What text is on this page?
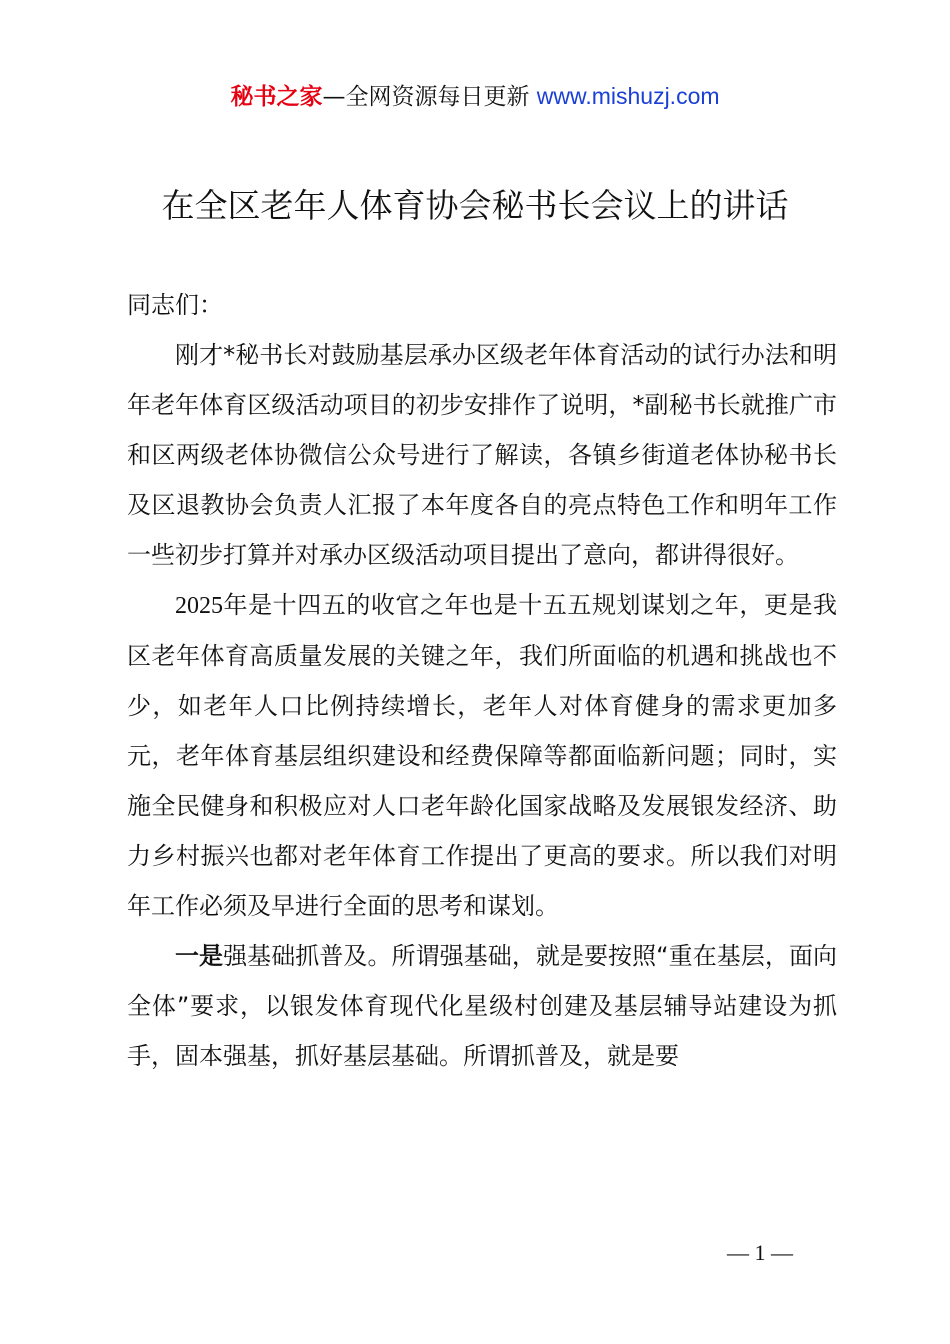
秘书之家—全网资源每日更新 www.mishuzj.com
在全区老年人体育协会秘书长会议上的讲话

同志们：

刚才*秘书长对鼓励基层承办区级老年体育活动的试行办法和明年老年体育区级活动项目的初步安排作了说明，*副秘书长就推广市和区两级老体协微信公众号进行了解读，各镇乡街道老体协秘书长及区退教协会负责人汇报了本年度各自的亮点特色工作和明年工作一些初步打算并对承办区级活动项目提出了意向，都讲得很好。

2025年是十四五的收官之年也是十五五规划谋划之年，更是我区老年体育高质量发展的关键之年，我们所面临的机遇和挑战也不少，如老年人口比例持续增长，老年人对体育健身的需求更加多元，老年体育基层组织建设和经费保障等都面临新问题；同时，实施全民健身和积极应对人口老年龄化国家战略及发展银发经济、助力乡村振兴也都对老年体育工作提出了更高的要求。所以我们对明年工作必须及早进行全面的思考和谋划。

一是强基础抓普及。所谓强基础，就是要按照“重在基层，面向全体”要求，以银发体育现代化星级村创建及基层辅导站建设为抓手，固本强基，抓好基层基础。所谓抓普及，就是要

— 1 —
